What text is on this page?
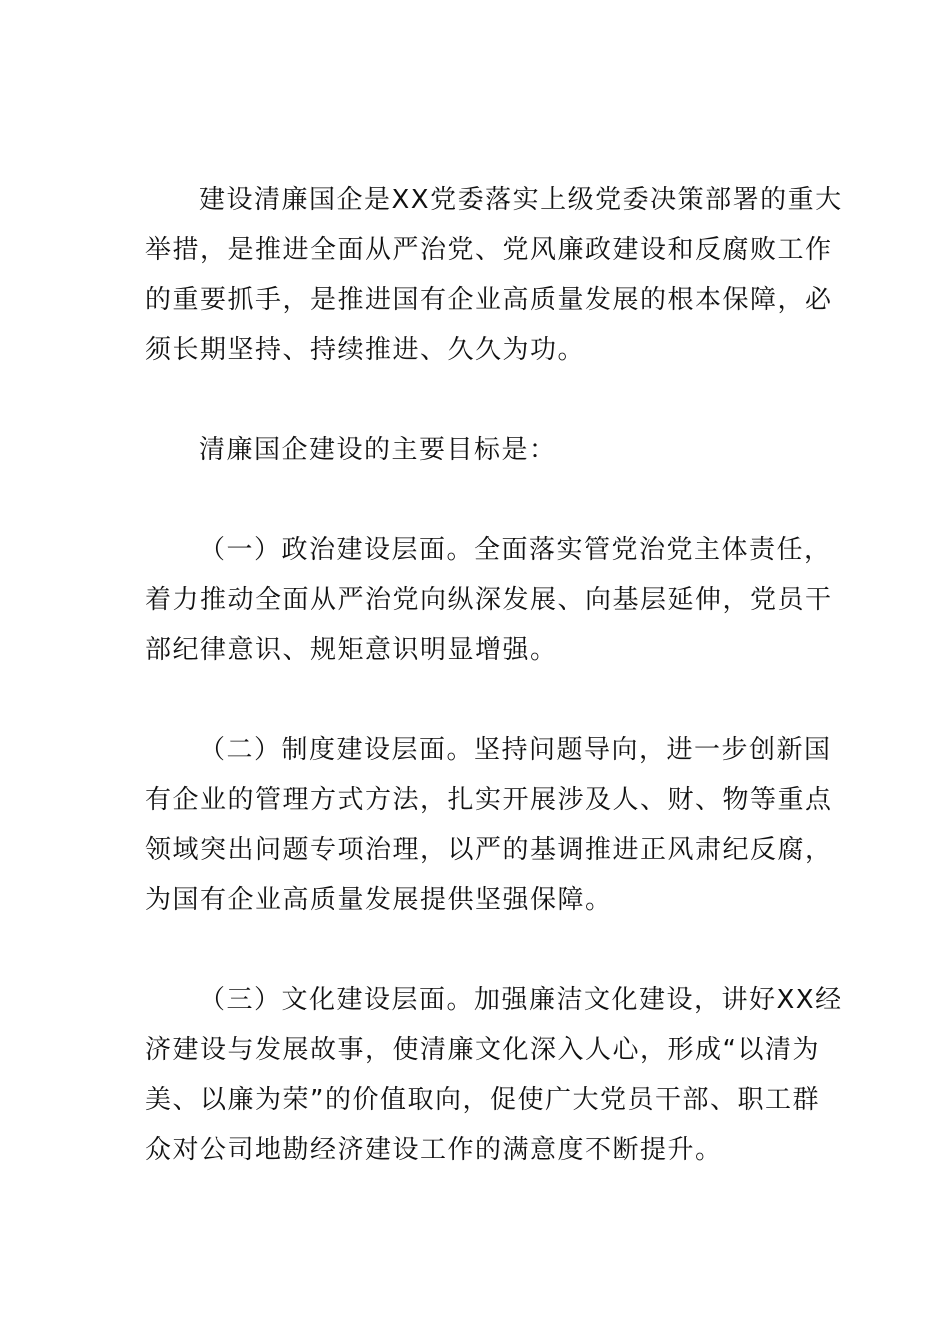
建设清廉国企是XX党委落实上级党委决策部署的重大
举措，是推进全面从严治党、党风廉政建设和反腐败工作
的重要抓手，是推进国有企业高质量发展的根本保障，必
须长期坚持、持续推进、久久为功。

清廉国企建设的主要目标是：

（一）政治建设层面。全面落实管党治党主体责任，
着力推动全面从严治党向纵深发展、向基层延伸，党员干
部纪律意识、规矩意识明显增强。

（二）制度建设层面。坚持问题导向，进一步创新国
有企业的管理方式方法，扎实开展涉及人、财、物等重点
领域突出问题专项治理，以严的基调推进正风肃纪反腐，
为国有企业高质量发展提供坚强保障。

（三）文化建设层面。加强廉洁文化建设，讲好XX经
济建设与发展故事，使清廉文化深入人心，形成“以清为
美、以廉为荣”的价值取向，促使广大党员干部、职工群
众对公司地勘经济建设工作的满意度不断提升。
